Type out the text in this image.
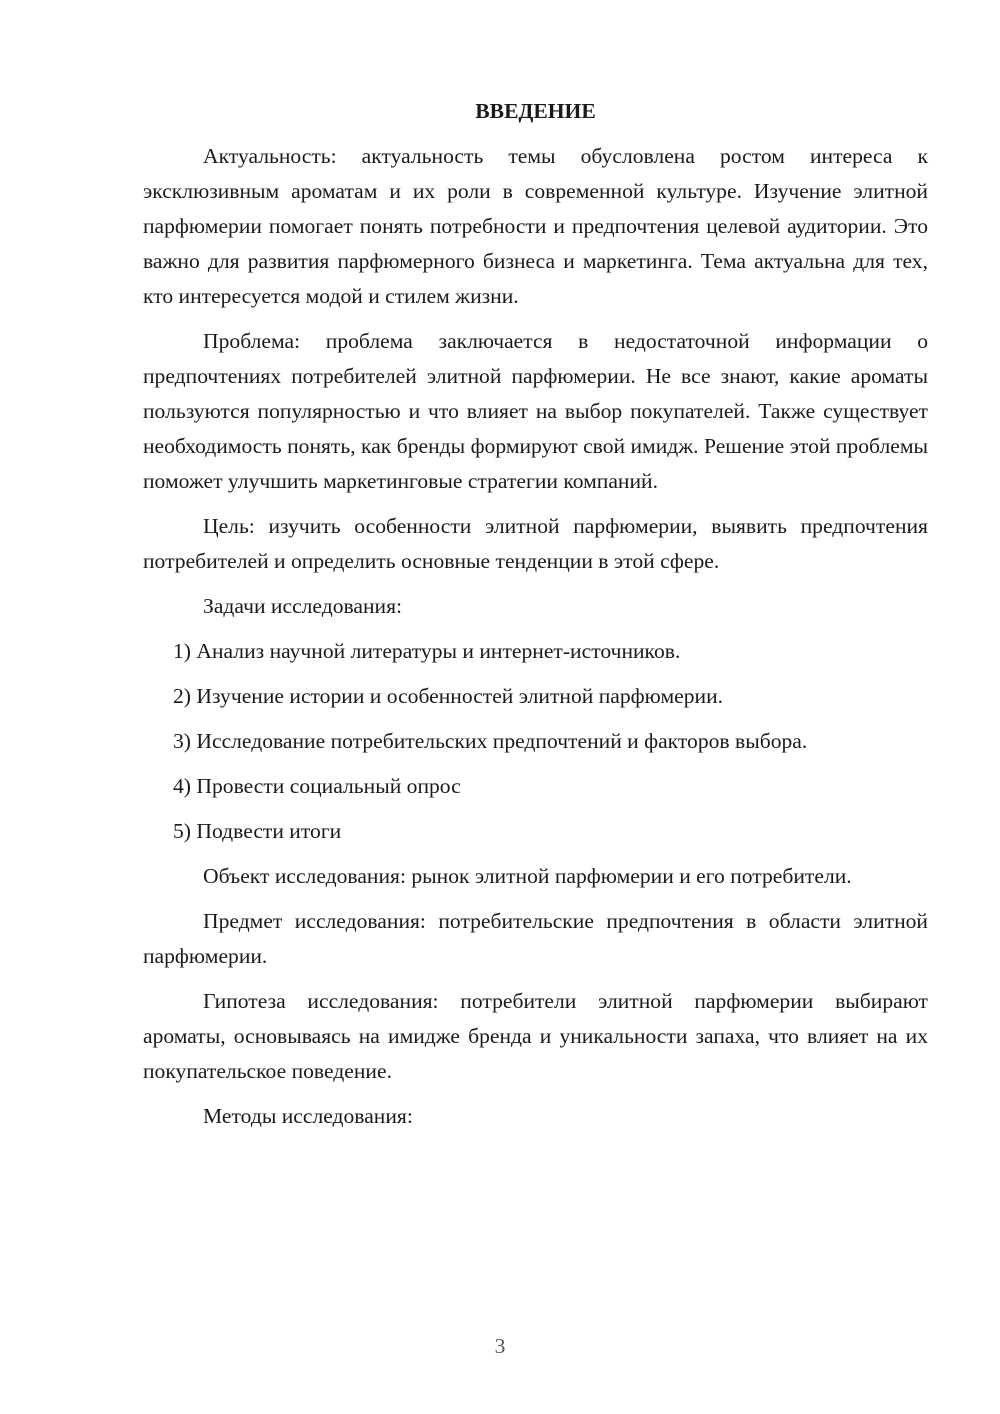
ВВЕДЕНИЕ

Актуальность: актуальность темы обусловлена ростом интереса к эксклюзивным ароматам и их роли в современной культуре. Изучение элитной парфюмерии помогает понять потребности и предпочтения целевой аудитории. Это важно для развития парфюмерного бизнеса и маркетинга. Тема актуальна для тех, кто интересуется модой и стилем жизни.

Проблема: проблема заключается в недостаточной информации о предпочтениях потребителей элитной парфюмерии. Не все знают, какие ароматы пользуются популярностью и что влияет на выбор покупателей. Также существует необходимость понять, как бренды формируют свой имидж. Решение этой проблемы поможет улучшить маркетинговые стратегии компаний.

Цель: изучить особенности элитной парфюмерии, выявить предпочтения потребителей и определить основные тенденции в этой сфере.

Задачи исследования:

1) Анализ научной литературы и интернет-источников.

2) Изучение истории и особенностей элитной парфюмерии.

3) Исследование потребительских предпочтений и факторов выбора.

4) Провести социальный опрос

5) Подвести итоги

Объект исследования: рынок элитной парфюмерии и его потребители.

Предмет исследования: потребительские предпочтения в области элитной парфюмерии.

Гипотеза исследования: потребители элитной парфюмерии выбирают ароматы, основываясь на имидже бренда и уникальности запаха, что влияет на их покупательское поведение.

Методы исследования:

3
